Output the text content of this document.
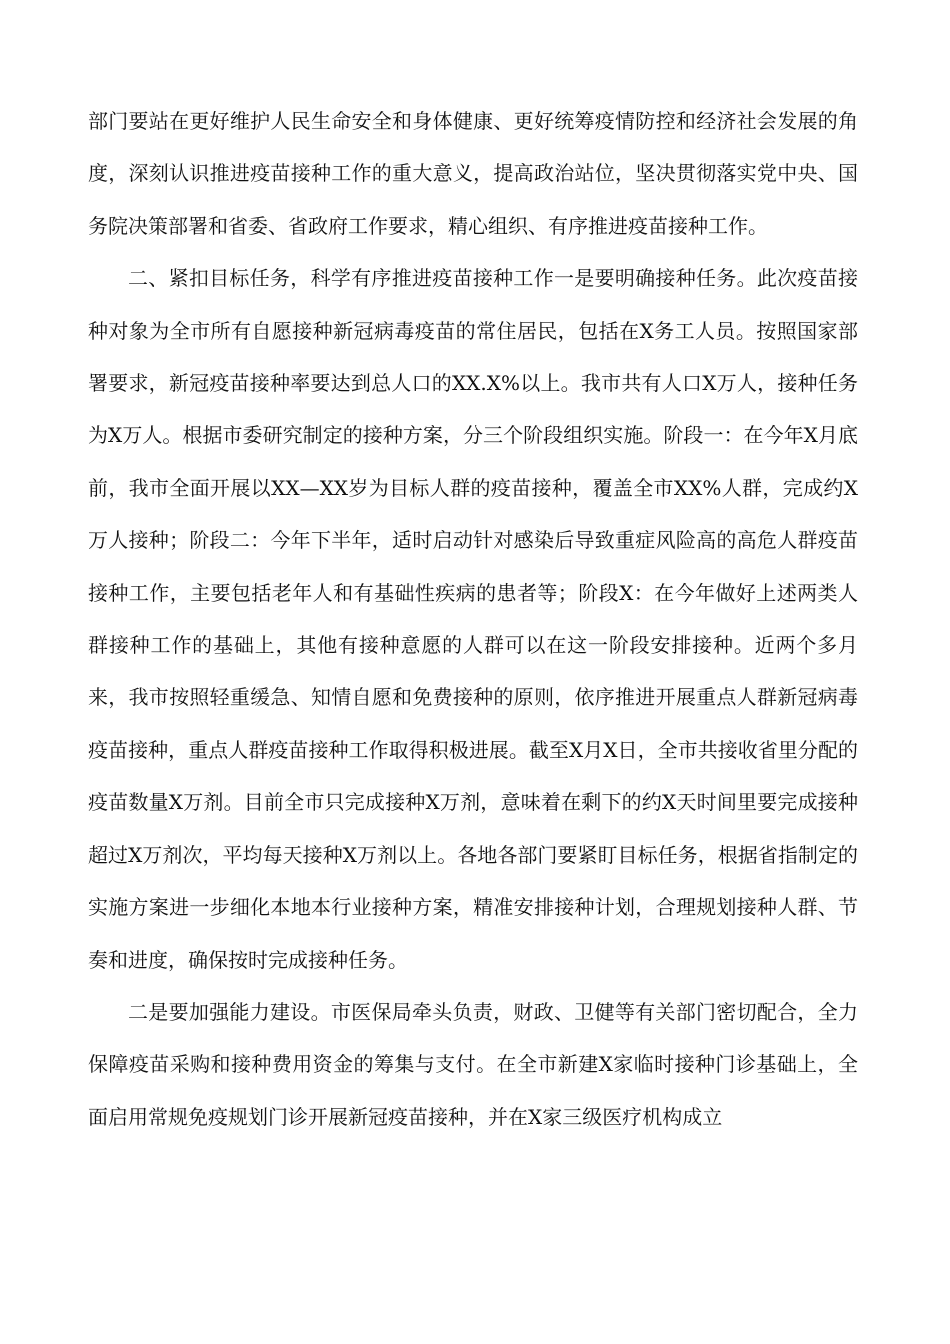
部门要站在更好维护人民生命安全和身体健康、更好统筹疫情防控和经济社会发展的角度，深刻认识推进疫苗接种工作的重大意义，提高政治站位，坚决贯彻落实党中央、国务院决策部署和省委、省政府工作要求，精心组织、有序推进疫苗接种工作。

二、紧扣目标任务，科学有序推进疫苗接种工作一是要明确接种任务。此次疫苗接种对象为全市所有自愿接种新冠病毒疫苗的常住居民，包括在X务工人员。按照国家部署要求，新冠疫苗接种率要达到总人口的XX.X%以上。我市共有人口X万人，接种任务为X万人。根据市委研究制定的接种方案，分三个阶段组织实施。阶段一：在今年X月底前，我市全面开展以XX—XX岁为目标人群的疫苗接种，覆盖全市XX%人群，完成约X万人接种；阶段二：今年下半年，适时启动针对感染后导致重症风险高的高危人群疫苗接种工作，主要包括老年人和有基础性疾病的患者等；阶段X：在今年做好上述两类人群接种工作的基础上，其他有接种意愿的人群可以在这一阶段安排接种。近两个多月来，我市按照轻重缓急、知情自愿和免费接种的原则，依序推进开展重点人群新冠病毒疫苗接种，重点人群疫苗接种工作取得积极进展。截至X月X日，全市共接收省里分配的疫苗数量X万剂。目前全市只完成接种X万剂，意味着在剩下的约X天时间里要完成接种超过X万剂次，平均每天接种X万剂以上。各地各部门要紧盯目标任务，根据省指制定的实施方案进一步细化本地本行业接种方案，精准安排接种计划，合理规划接种人群、节奏和进度，确保按时完成接种任务。

二是要加强能力建设。市医保局牵头负责，财政、卫健等有关部门密切配合，全力保障疫苗采购和接种费用资金的筹集与支付。在全市新建X家临时接种门诊基础上，全面启用常规免疫规划门诊开展新冠疫苗接种，并在X家三级医疗机构成立
